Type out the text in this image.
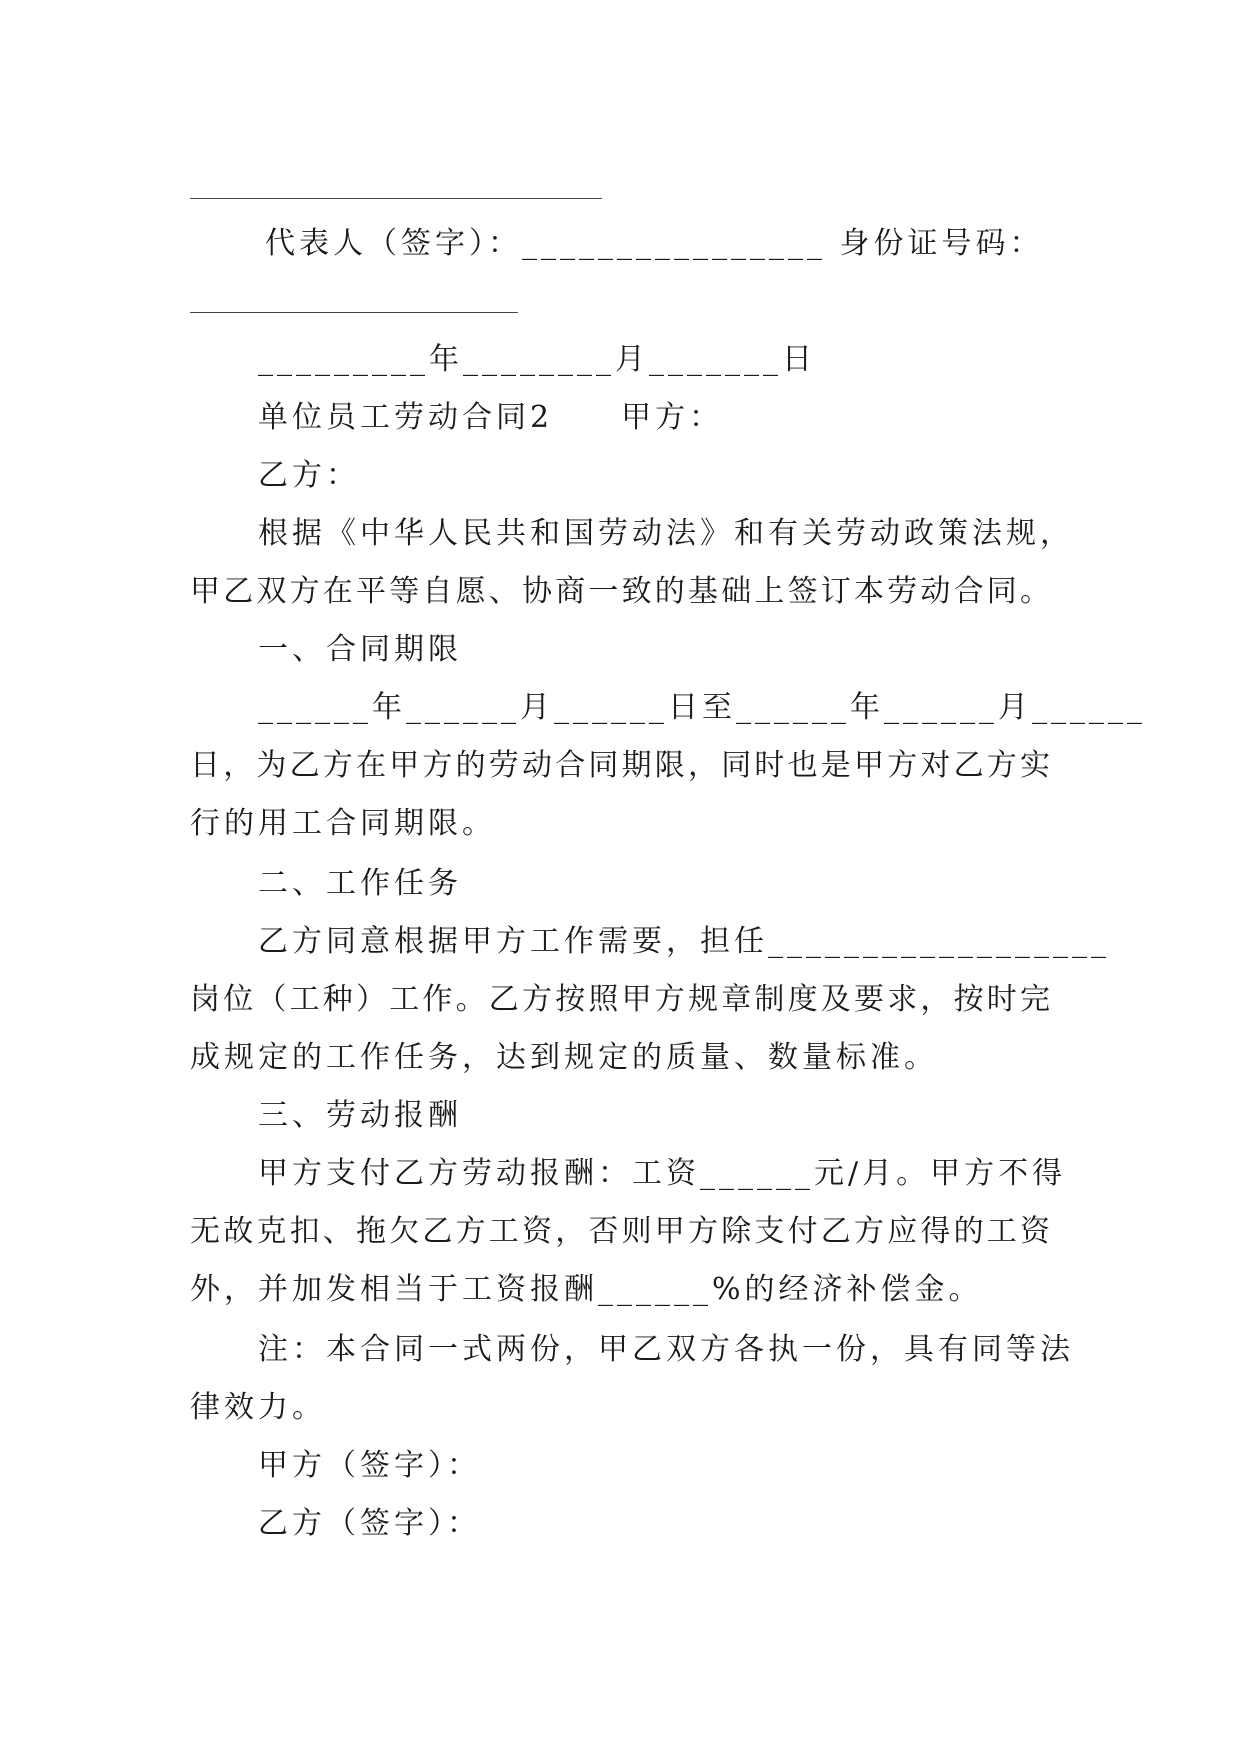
代表人（签字）：________________ 身份证号码：
_________年________月_______日
单位员工劳动合同2　　甲方：
乙方：
根据《中华人民共和国劳动法》和有关劳动政策法规，
甲乙双方在平等自愿、协商一致的基础上签订本劳动合同。
一、合同期限
______年______月______日至______年______月______
日，为乙方在甲方的劳动合同期限，同时也是甲方对乙方实
行的用工合同期限。
二、工作任务
乙方同意根据甲方工作需要，担任__________________
岗位（工种）工作。乙方按照甲方规章制度及要求，按时完
成规定的工作任务，达到规定的质量、数量标准。
三、劳动报酬
甲方支付乙方劳动报酬：工资______元/月。甲方不得
无故克扣、拖欠乙方工资，否则甲方除支付乙方应得的工资
外，并加发相当于工资报酬______%的经济补偿金。
注：本合同一式两份，甲乙双方各执一份，具有同等法
律效力。
甲方（签字）：
乙方（签字）：
